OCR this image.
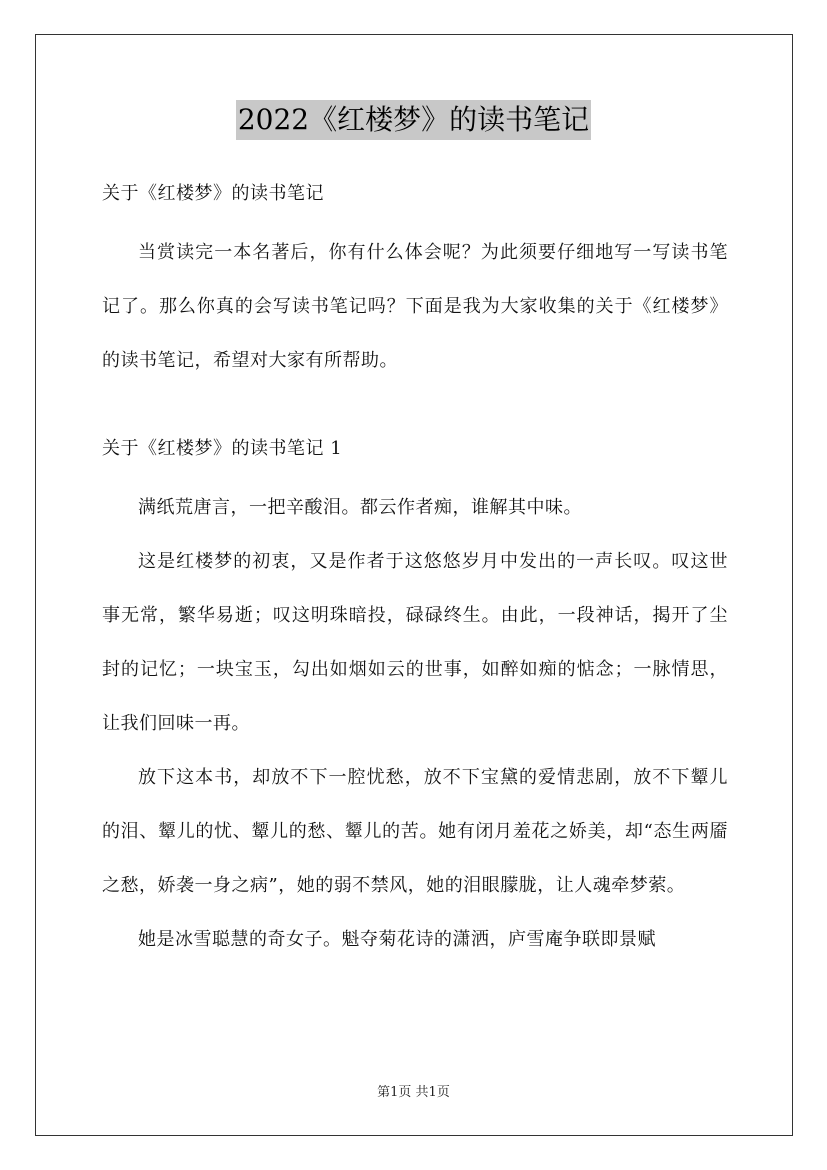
2022《红楼梦》的读书笔记

关于《红楼梦》的读书笔记

当赏读完一本名著后，你有什么体会呢？为此须要仔细地写一写读书笔记了。那么你真的会写读书笔记吗？下面是我为大家收集的关于《红楼梦》的读书笔记，希望对大家有所帮助。

关于《红楼梦》的读书笔记 1

满纸荒唐言，一把辛酸泪。都云作者痴，谁解其中味。

这是红楼梦的初衷，又是作者于这悠悠岁月中发出的一声长叹。叹这世事无常，繁华易逝；叹这明珠暗投，碌碌终生。由此，一段神话，揭开了尘封的记忆；一块宝玉，勾出如烟如云的世事，如醉如痴的惦念；一脉情思，让我们回味一再。

放下这本书，却放不下一腔忧愁，放不下宝黛的爱情悲剧，放不下颦儿的泪、颦儿的忧、颦儿的愁、颦儿的苦。她有闭月羞花之娇美，却“态生两靥之愁，娇袭一身之病”，她的弱不禁风，她的泪眼朦胧，让人魂牵梦萦。

她是冰雪聪慧的奇女子。魁夺菊花诗的潇洒，庐雪庵争联即景赋

第1页 共1页
